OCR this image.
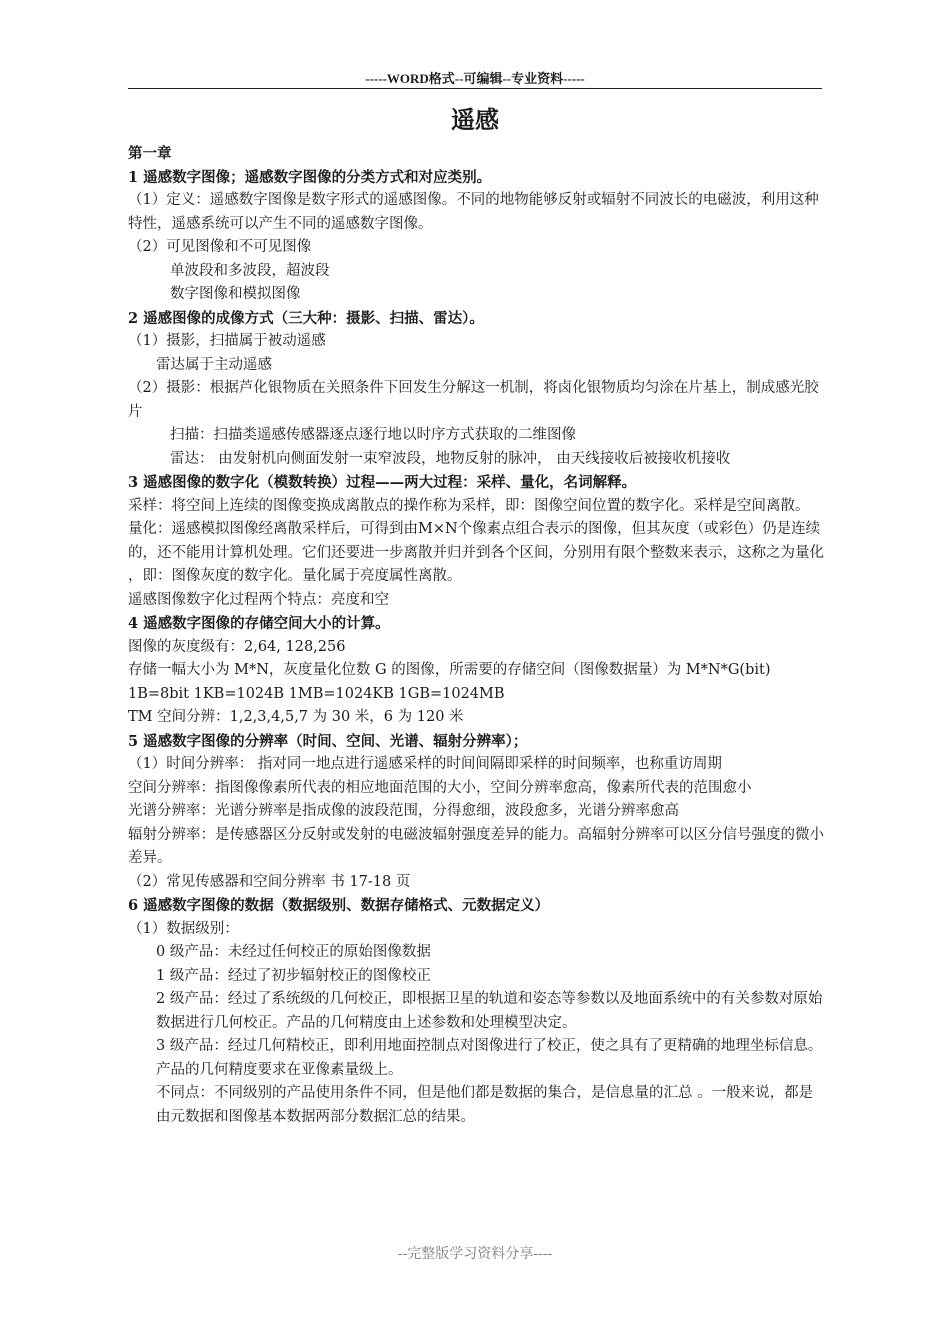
-----WORD格式--可编辑--专业资料-----
遥感

第一章

1 遥感数字图像；遥感数字图像的分类方式和对应类别。

（1）定义：遥感数字图像是数字形式的遥感图像。不同的地物能够反射或辐射不同波长的电磁波，利用这种特性，遥感系统可以产生不同的遥感数字图像。

（2）可见图像和不可见图像

单波段和多波段，超波段

数字图像和模拟图像

2 遥感图像的成像方式（三大种：摄影、扫描、雷达）。

（1）摄影，扫描属于被动遥感

雷达属于主动遥感

（2）摄影：根据芦化银物质在关照条件下回发生分解这一机制，将卤化银物质均匀涂在片基上，制成感光胶片

扫描：扫描类遥感传感器逐点逐行地以时序方式获取的二维图像

雷达： 由发射机向侧面发射一束窄波段，地物反射的脉冲， 由天线接收后被接收机接收

3 遥感图像的数字化（模数转换）过程——两大过程：采样、量化，名词解释。

采样：将空间上连续的图像变换成离散点的操作称为采样，即：图像空间位置的数字化。采样是空间离散。

量化：遥感模拟图像经离散采样后，可得到由M×N个像素点组合表示的图像，但其灰度（或彩色）仍是连续的，还不能用计算机处理。它们还要进一步离散并归并到各个区间，分别用有限个整数来表示，这称之为量化 ，即：图像灰度的数字化。量化属于亮度属性离散。

遥感图像数字化过程两个特点：亮度和空

4 遥感数字图像的存储空间大小的计算。

图像的灰度级有：2,64, 128,256

存储一幅大小为 M*N，灰度量化位数 G 的图像，所需要的存储空间（图像数据量）为 M*N*G(bit)

1B=8bit 1KB=1024B 1MB=1024KB 1GB=1024MB

TM 空间分辨：1,2,3,4,5,7 为 30 米，6 为 120 米

5 遥感数字图像的分辨率（时间、空间、光谱、辐射分辨率）；

（1）时间分辨率： 指对同一地点进行遥感采样的时间间隔即采样的时间频率，也称重访周期

空间分辨率：指图像像素所代表的相应地面范围的大小，空间分辨率愈高，像素所代表的范围愈小

光谱分辨率：光谱分辨率是指成像的波段范围，分得愈细，波段愈多，光谱分辨率愈高

辐射分辨率：是传感器区分反射或发射的电磁波辐射强度差异的能力。高辐射分辨率可以区分信号强度的微小差异。

（2）常见传感器和空间分辨率 书 17-18 页

6 遥感数字图像的数据（数据级别、数据存储格式、元数据定义）

（1）数据级别：

0 级产品：未经过任何校正的原始图像数据

1 级产品：经过了初步辐射校正的图像校正

2 级产品：经过了系统级的几何校正，即根据卫星的轨道和姿态等参数以及地面系统中的有关参数对原始数据进行几何校正。产品的几何精度由上述参数和处理模型决定。

3 级产品：经过几何精校正，即利用地面控制点对图像进行了校正，使之具有了更精确的地理坐标信息。产品的几何精度要求在亚像素量级上。

不同点：不同级别的产品使用条件不同，但是他们都是数据的集合，是信息量的汇总 。一般来说，都是由元数据和图像基本数据两部分数据汇总的结果。

--完整版学习资料分享----
